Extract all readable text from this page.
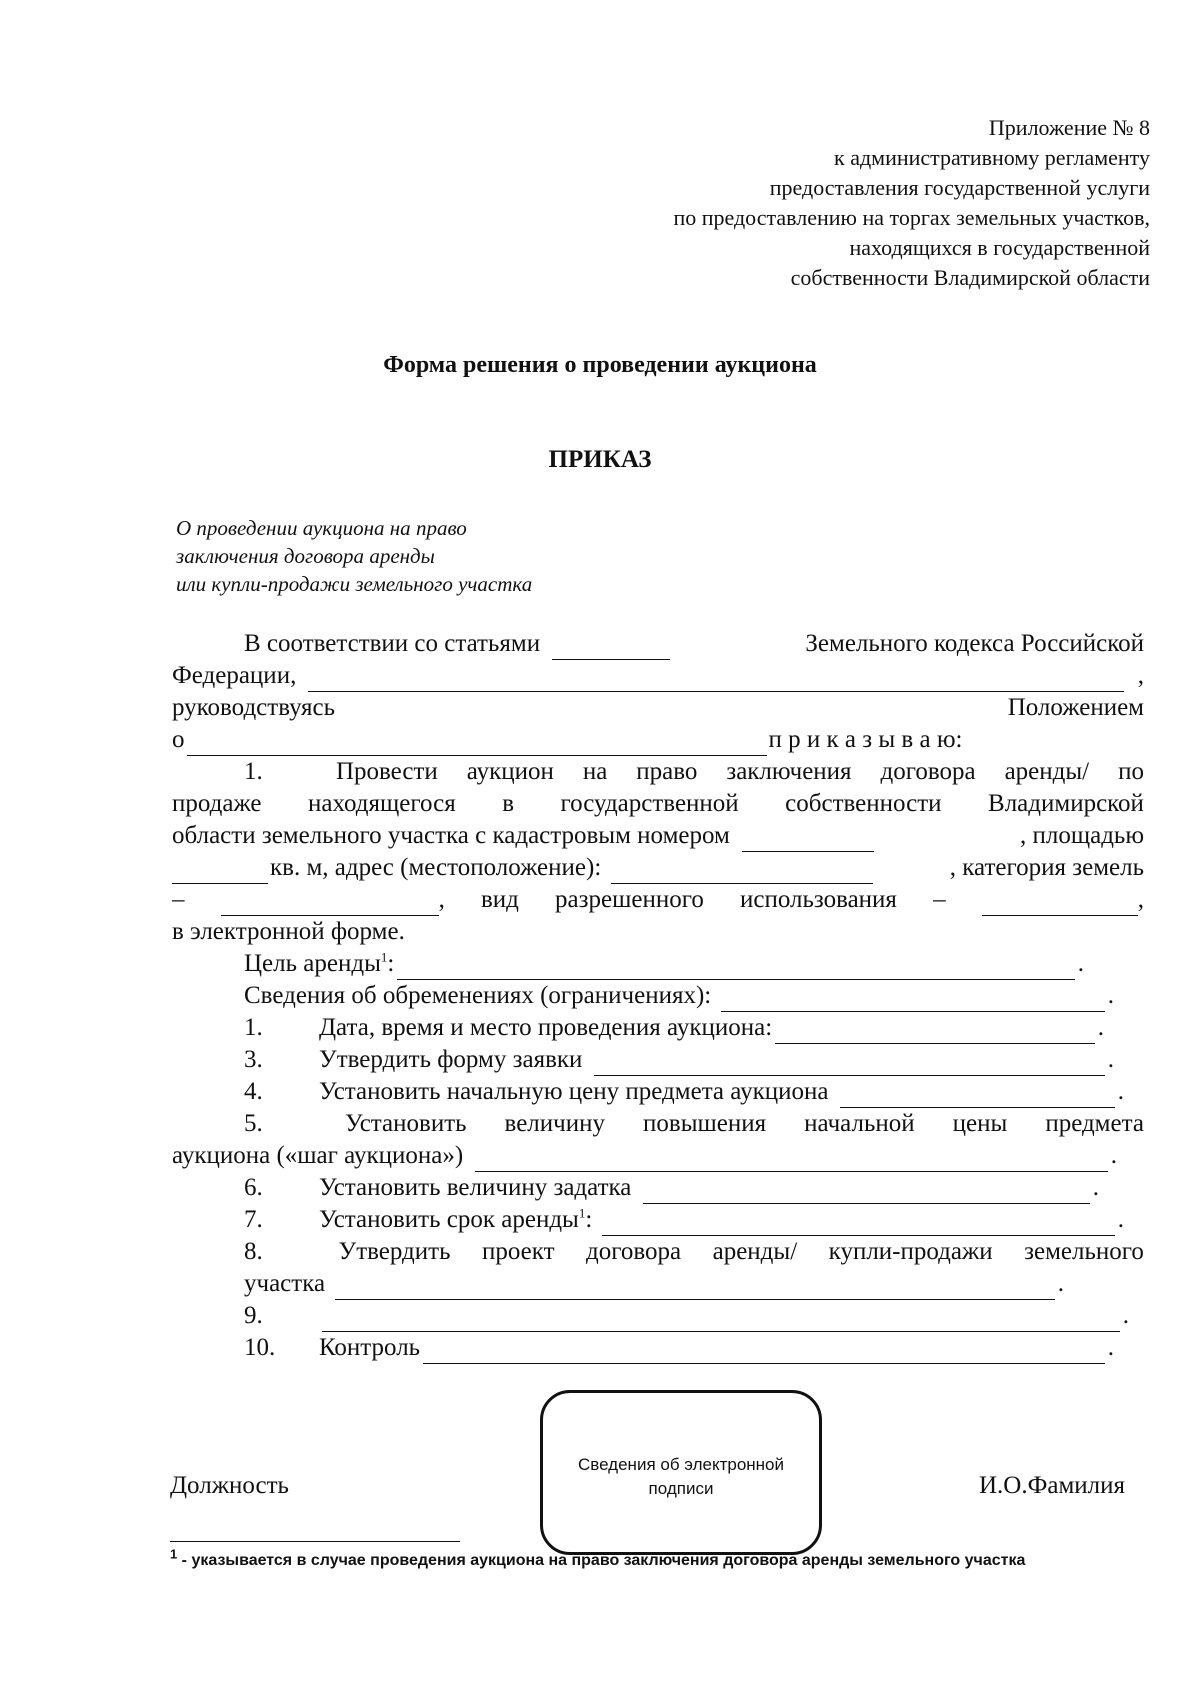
Приложение № 8
к административному регламенту
предоставления государственной услуги
по предоставлению на торгах земельных участков,
находящихся в государственной
собственности Владимирской области
Форма решения о проведении аукциона
ПРИКАЗ
О проведении аукциона на право
заключения договора аренды
или купли-продажи земельного участка
В соответствии со статьями	Земельного кодекса Российской
Федерации,	,
руководствуясь	Положением
о	п р и к а з ы в а ю:
1.	Провести аукцион на право заключения договора аренды/ по
продаже находящегося в государственной собственности Владимирской
области земельного участка с кадастровым номером	, площадью
кв. м, адрес (местоположение):	, категория земель
–	, вид разрешенного использования –	,
в электронной форме.
Цель аренды$^1$:	.
Сведения об обременениях (ограничениях):	.
1.	Дата, время и место проведения аукциона:	.
3.	Утвердить форму заявки	.
4.	Установить начальную цену предмета аукциона	.
5.	Установить величину повышения начальной цены предмета
аукциона («шаг аукциона»)	.
6.	Установить величину задатка	.
7.	Установить срок аренды$^1$:	.
8.	Утвердить проект договора аренды/ купли-продажи земельного
участка	.
9.	.
10.	Контроль	.
Должность
Сведения об электронной
подписи	И.О.Фамилия
$^1$ - указывается в случае проведения аукциона на право заключения договора аренды земельного участка
